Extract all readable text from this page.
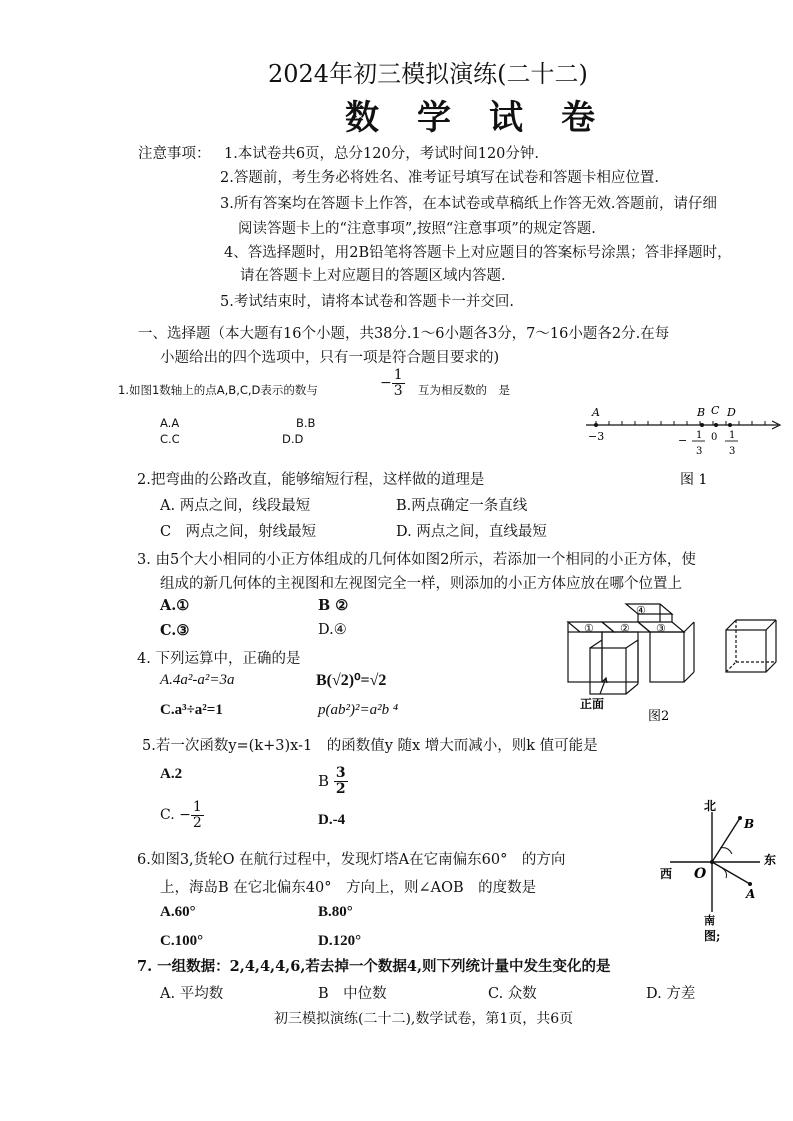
2024年初三模拟演练(二十二)
数　学　试　卷
注意事项： 1.本试卷共6页，总分120分，考试时间120分钟.
2.答题前，考生务必将姓名、准考证号填写在试卷和答题卡相应位置.
3.所有答案均在答题卡上作答，在本试卷或草稿纸上作答无效.答题前，请仔细
阅读答题卡上的“注意事项”,按照“注意事项”的规定答题.
4、答选择题时，用2B铅笔将答题卡上对应题目的答案标号涂黑；答非择题时，
请在答题卡上对应题目的答题区域内答题.
5.考试结束时，请将本试卷和答题卡一并交回.
一、选择题（本大题有16个小题，共38分.1～6小题各3分，7～16小题各2分.在每
小题给出的四个选项中，只有一项是符合题目要求的)
1.如图1数轴上的点A,B,C,D表示的数与	− $\frac{1}{3}$ 互为相反数的　是
A.A	B.B
C.C	D.D
A	B C D
−3	− 1
3
0 1
3
图 1
2.把弯曲的公路改直，能够缩短行程，这样做的道理是
A. 两点之间，线段最短	B.两点确定一条直线
C　两点之间，射线最短	D. 两点之间，直线最短
3. 由5个大小相同的小正方体组成的几何体如图2所示，若添加一个相同的小正方体，使
组成的新几何体的主视图和左视图完全一样，则添加的小正方体应放在哪个位置上
A.①	B ②
C.③	D.④
④
① ② ③
正面
图2
4. 下列运算中，正确的是
A.4a²-a²=3a	B(√2)⁰=√2
C.a³÷a²=1	p(ab²)²=a²b ⁴
5.若一次函数y=(k+3)x-1　的函数值y 随x 增大而减小，则k 值可能是
A.2	B $\frac{3}{2}$
C. − $\frac{1}{2}$	D.-4
6.如图3,货轮O 在航行过程中，发现灯塔A在它南偏东60°　的方向
上，海岛B 在它北偏东40°　方向上，则∠AOB　的度数是
A.60°	B.80°
C.100°	D.120°
北
东
西 O
B
A
南
图;
7. 一组数据：2,4,4,4,6,若去掉一个数据4,则下列统计量中发生变化的是
A. 平均数	B　中位数	C. 众数	D. 方差
初三模拟演练(二十二),数学试卷，第1页，共6页
